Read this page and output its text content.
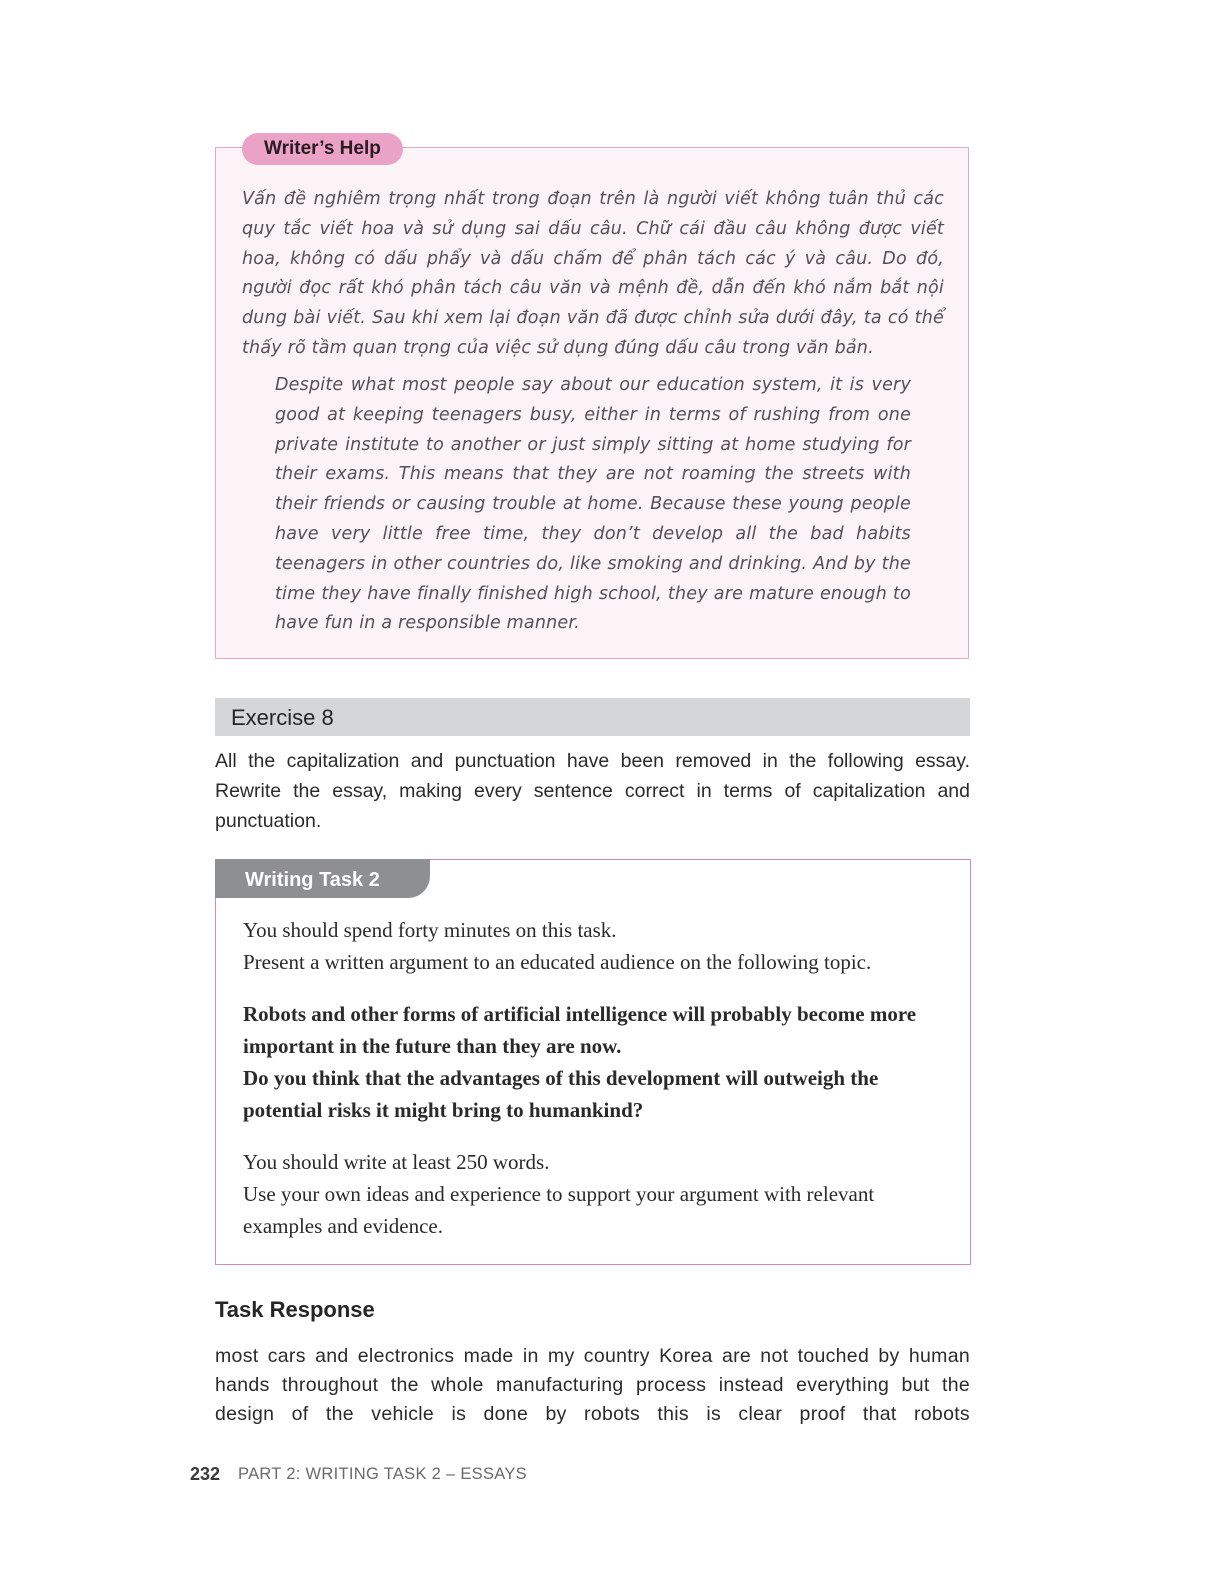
Writer’s Help

Vấn đề nghiêm trọng nhất trong đoạn trên là người viết không tuân thủ các quy tắc viết hoa và sử dụng sai dấu câu. Chữ cái đầu câu không được viết hoa, không có dấu phẩy và dấu chấm để phân tách các ý và câu. Do đó, người đọc rất khó phân tách câu văn và mệnh đề, dẫn đến khó nắm bắt nội dung bài viết. Sau khi xem lại đoạn văn đã được chỉnh sửa dưới đây, ta có thể thấy rõ tầm quan trọng của việc sử dụng đúng dấu câu trong văn bản.

Despite what most people say about our education system, it is very good at keeping teenagers busy, either in terms of rushing from one private institute to another or just simply sitting at home studying for their exams. This means that they are not roaming the streets with their friends or causing trouble at home. Because these young people have very little free time, they don’t develop all the bad habits teenagers in other countries do, like smoking and drinking. And by the time they have finally finished high school, they are mature enough to have fun in a responsible manner.

Exercise 8

All the capitalization and punctuation have been removed in the following essay. Rewrite the essay, making every sentence correct in terms of capitalization and punctuation.

Writing Task 2

You should spend forty minutes on this task.

Present a written argument to an educated audience on the following topic.

Robots and other forms of artificial intelligence will probably become more important in the future than they are now.

Do you think that the advantages of this development will outweigh the potential risks it might bring to humankind?

You should write at least 250 words.

Use your own ideas and experience to support your argument with relevant examples and evidence.

Task Response

most cars and electronics made in my country Korea are not touched by human hands throughout the whole manufacturing process instead everything but the design of the vehicle is done by robots this is clear proof that robots

232 PART 2: WRITING TASK 2 – ESSAYS
